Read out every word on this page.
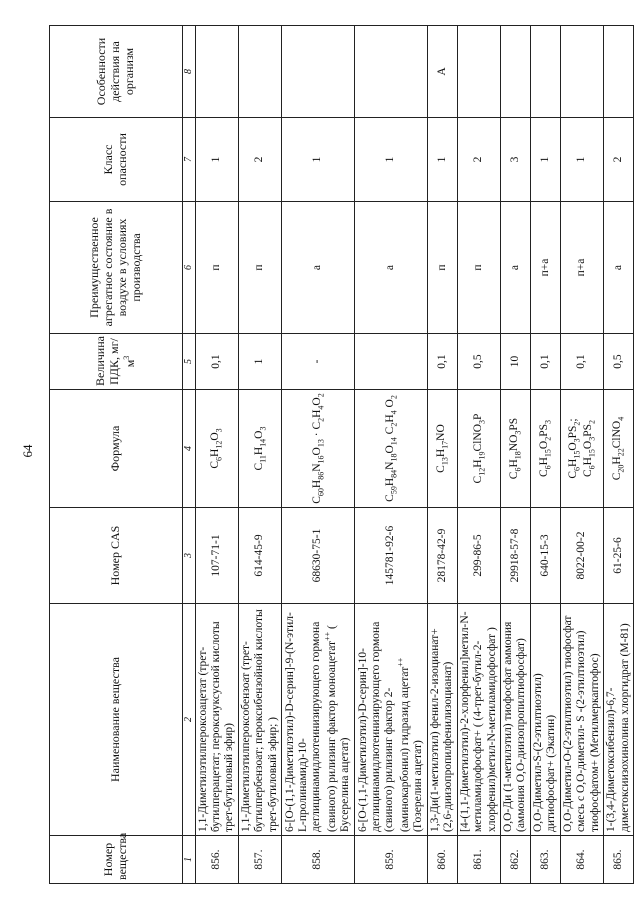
64
Номер вещества	Наименование вещества	Номер CAS	Формула	Величина ПДК, $мг/м^3$	Преимущественное агрегатное состояние в воздухе в условиях производства	Класс опасности	Особенности действия на организм
1	2	3	4	5	6	7	8
856.	1,1-Диметилэтилпероксоацетат (трет-бутилперацетат; пероксиуксусной кислоты трет-бутиловый эфир)	107-71-1	$C_6H_{12}O_3$	0,1	п	1	
857.	1,1-Диметилэтилпероксобензоат (трет-бутилпербензоат; пероксибензойной кислоты трет-бутиловый эфир; )	614-45-9	$C_{11}H_{14}O_3$	1	п	2	
858.	6-[О-(1,1-Диметилэтил)-D-серин]-9-(N-этил-L-пролинамид)-10-деглицинамидлютеинизирующего гормона (свиного) рилизинг фактор моноацетат++ ( Бусерелина ацетат)	68630-75-1	$C_{60}H_{86}N_{16}O_{13} \cdot C_2H_4O_2$	-	а	1	
859.	6-[О-(1,1-Диметилэтил)-D-серин]-10- деглицинамидлютеинизирующего гормона (свиного) рилизинг фактор 2-(аминокарбонил) гидразид ацетат++ (Гозерелин ацетат)	145781-92-6	$C_{59}H_{84}N_{18}O_{14}$ $C_2H_4$ $O_2$		а	1	
860.	1,3-Ди(1-метилэтил) фенил-2-изоцианат+ (2,6-диизопропилфенилизоцианат)	28178-42-9	$C_{13}H_{17}NO$	0,1	п	1	А
861.	[4-(1,1-Диметилэтил)-2-хлорфенил]метил-N-метиламидофосфат+ ( (4-трет-бутил-2-хлорфенил)метил-N-метиламидофосфат )	299-86-5	$C_{12}H_{19}ClNO_3P$	0,5	п	2	
862.	О,О-Ди (1-метилэтил) тиофосфат аммония (аммония О,О-диизопропилтиофосфат)	29918-57-8	$C_6H_{18}NO_3PS$	10	а	3	
863.	О,О-Диметил-S-(2-этилтиоэтил) дитиофосфат+ (Экатин)	640-15-3	$C_6H_{15}O_2PS_3$	0,1	п+а	1	
864.	О,О-Диметил-О-(2-этилтиоэтил) тиофосфат смесь с О,О-диметил- S -(2-этилтиоэтил) тиофосфатом+ (Метилмеркаптофос)	8022-00-2	$C_6H_{15}O_3PS_2$; $C_6H_{15}O_3PS_2$	0,1	п+а	1	
865.	1-(3,4-Диметоксибензил)-6,7- диметоксиизохинолина хлоргидрат (М-81)	61-25-6	$C_{20}H_{22}ClNO_4$	0,5	а	2	
